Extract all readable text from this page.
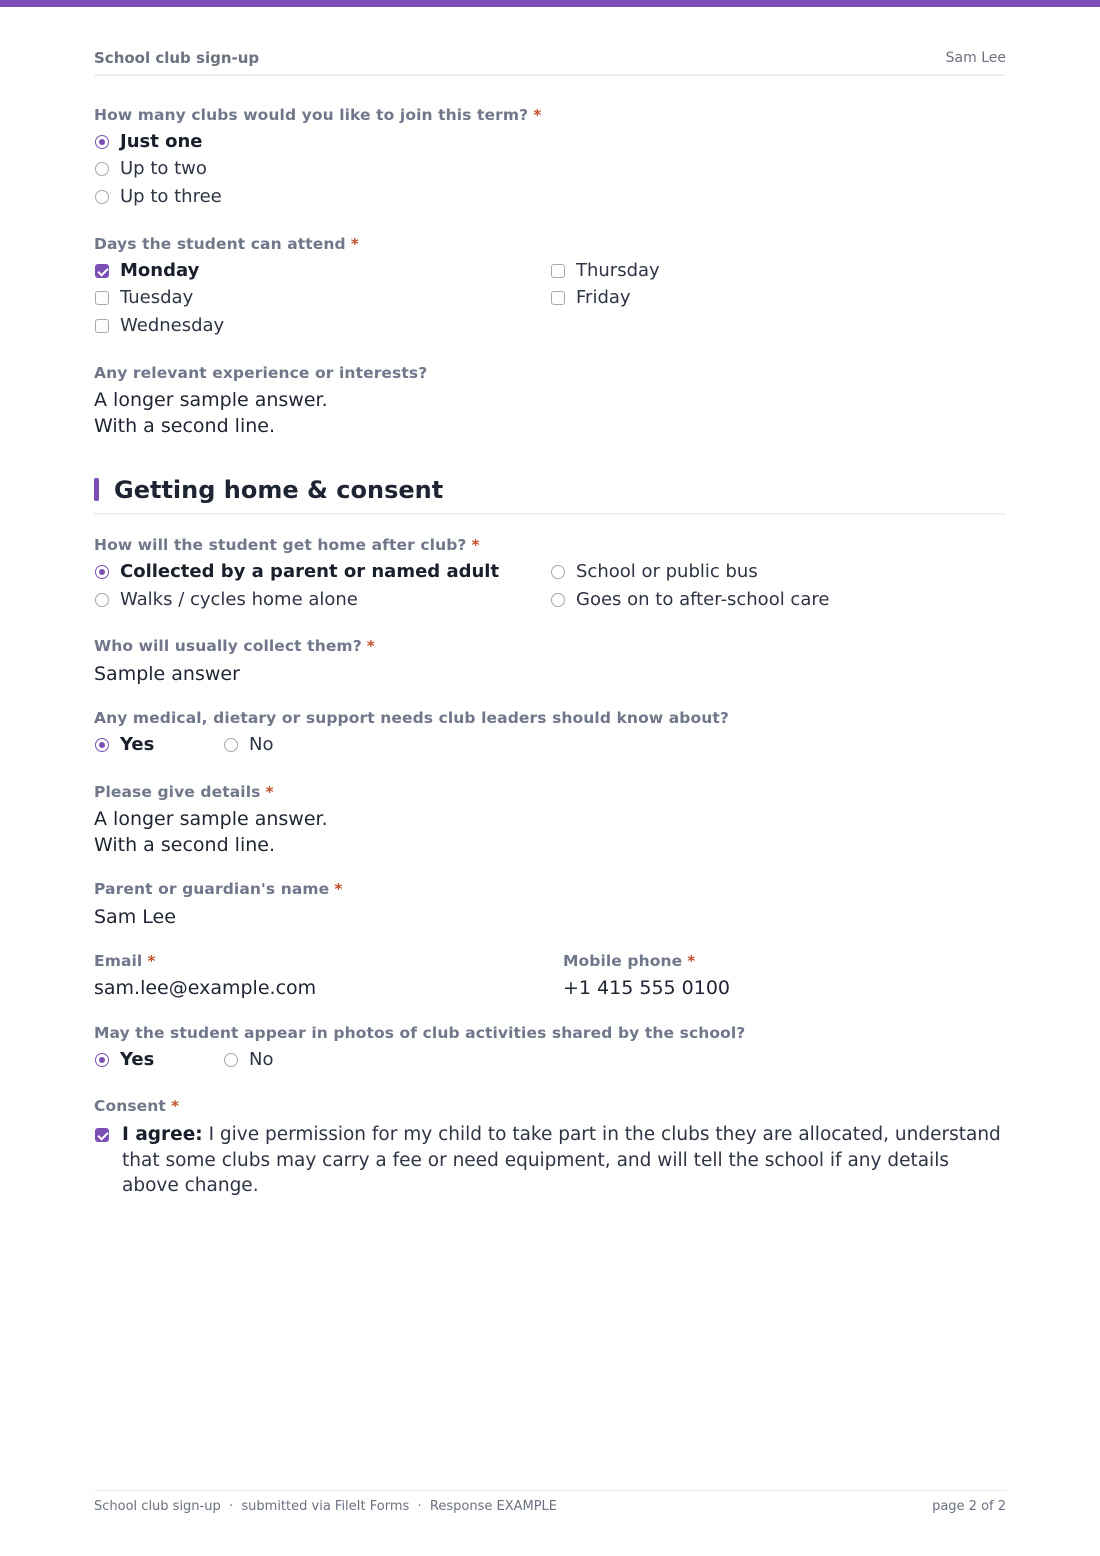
School club sign-up	Sam Lee
How many clubs would you like to join this term? *
Just one
Up to two
Up to three
Days the student can attend *
Monday
Tuesday
Wednesday
Thursday
Friday
Any relevant experience or interests?
A longer sample answer.
With a second line.
Getting home & consent
How will the student get home after club? *
Collected by a parent or named adult
Walks / cycles home alone
School or public bus
Goes on to after-school care
Who will usually collect them? *
Sample answer
Any medical, dietary or support needs club leaders should know about?
Yes	No
Please give details *
A longer sample answer.
With a second line.
Parent or guardian's name *
Sam Lee
Email *
sam.lee@example.com
Mobile phone *
+1 415 555 0100
May the student appear in photos of club activities shared by the school?
Yes	No
Consent *
I agree: I give permission for my child to take part in the clubs they are allocated, understand that some clubs may carry a fee or need equipment, and will tell the school if any details above change.
School club sign-up  ·  submitted via FileIt Forms  ·  Response EXAMPLE	page 2 of 2
